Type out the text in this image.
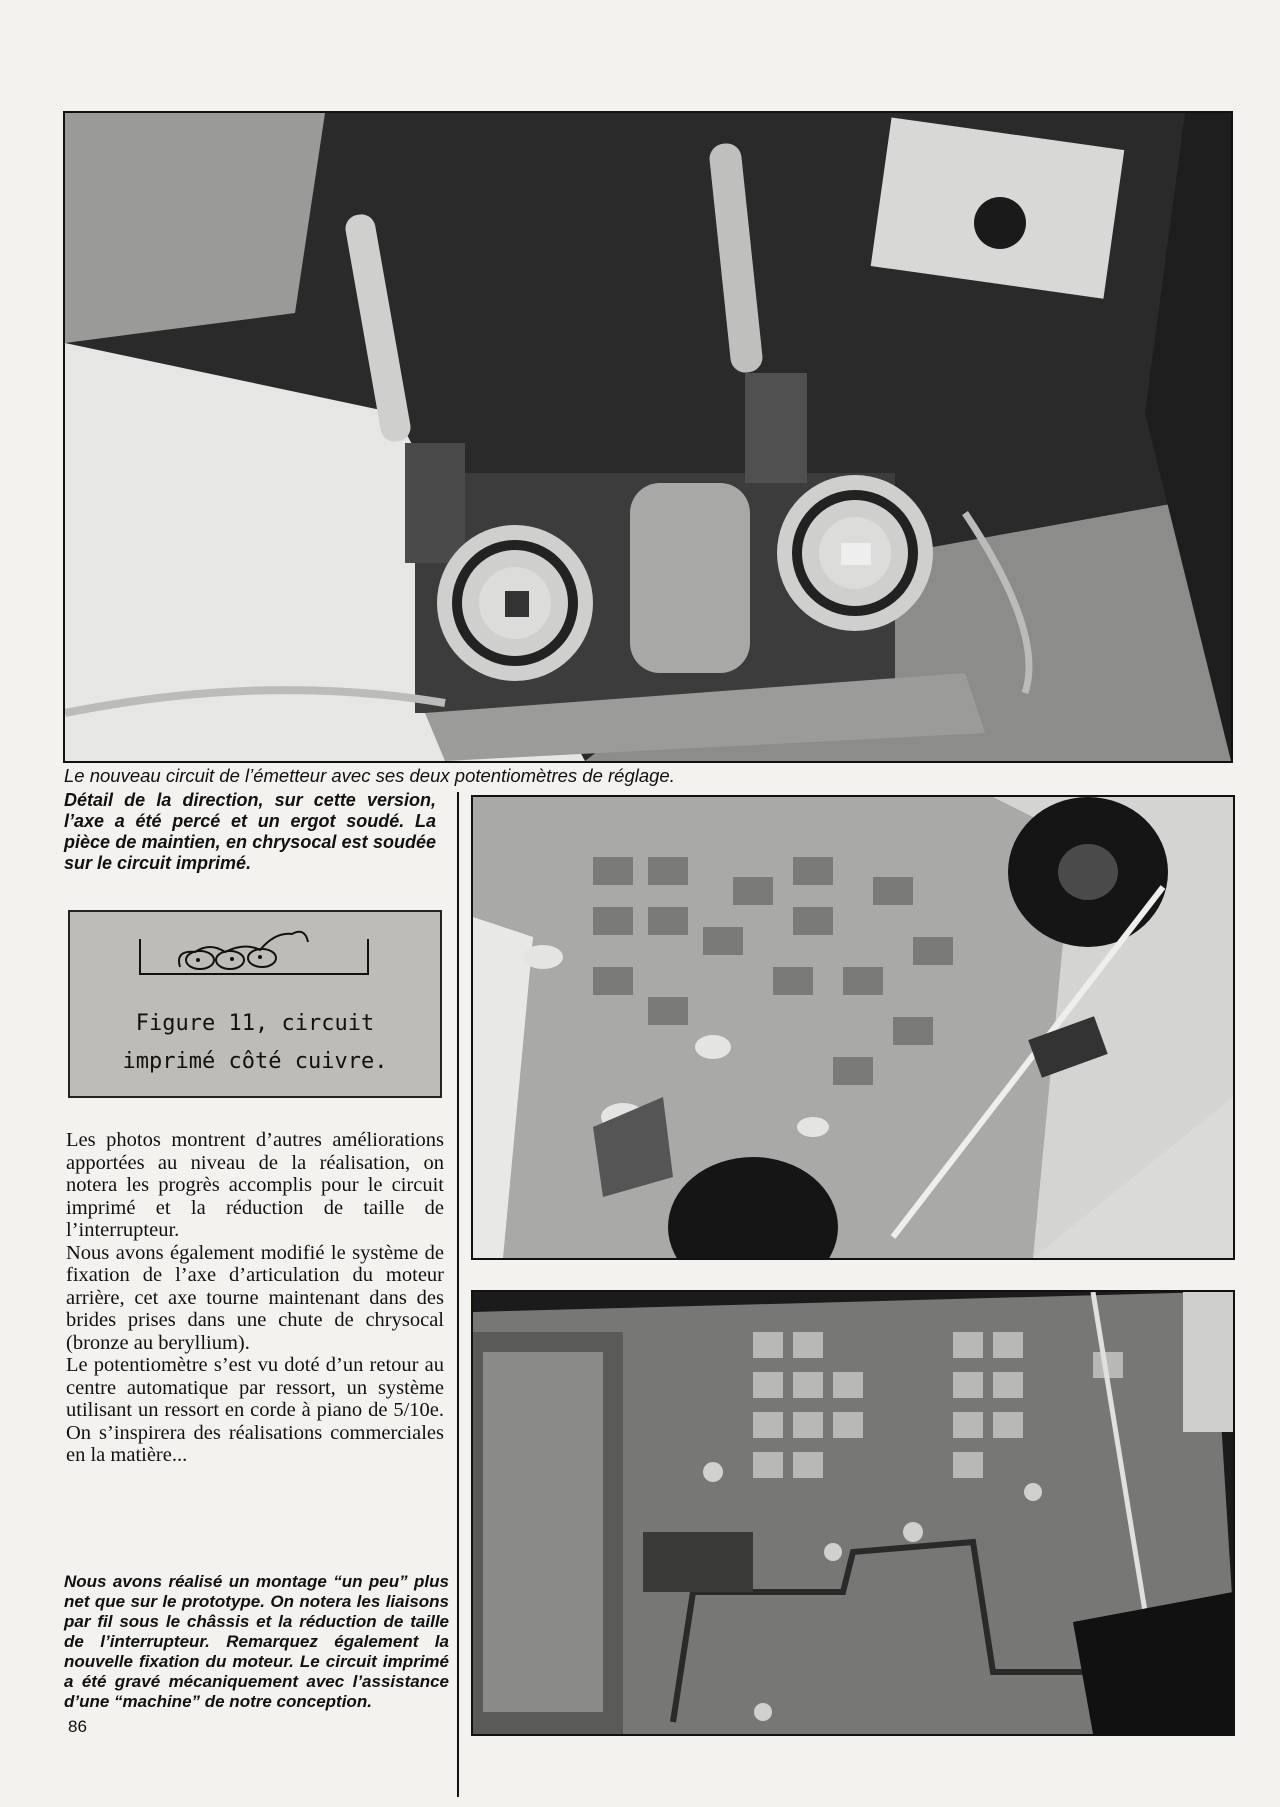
Le nouveau circuit de l’émetteur avec ses deux potentiomètres de réglage.
Détail de la direction, sur cette version, l’axe a été percé et un ergot soudé. La pièce de maintien, en chrysocal est soudée sur le circuit imprimé.
Figure 11, circuit
imprimé côté cuivre.

Les photos montrent d’autres améliorations apportées au niveau de la réalisation, on notera les progrès accomplis pour le circuit imprimé et la réduction de taille de l’interrupteur.

Nous avons également modifié le système de fixation de l’axe d’articulation du moteur arrière, cet axe tourne maintenant dans des brides prises dans une chute de chrysocal (bronze au beryllium).

Le potentiomètre s’est vu doté d’un retour au centre automatique par ressort, un système utilisant un ressort en corde à piano de 5/10e. On s’inspirera des réalisations commerciales en la matière...

Nous avons réalisé un montage “un peu” plus net que sur le prototype. On notera les liaisons par fil sous le châssis et la réduction de taille de l’interrupteur. Remarquez également la nouvelle fixation du moteur. Le circuit imprimé a été gravé mécaniquement avec l’assistance d’une “machine” de notre conception.
86
